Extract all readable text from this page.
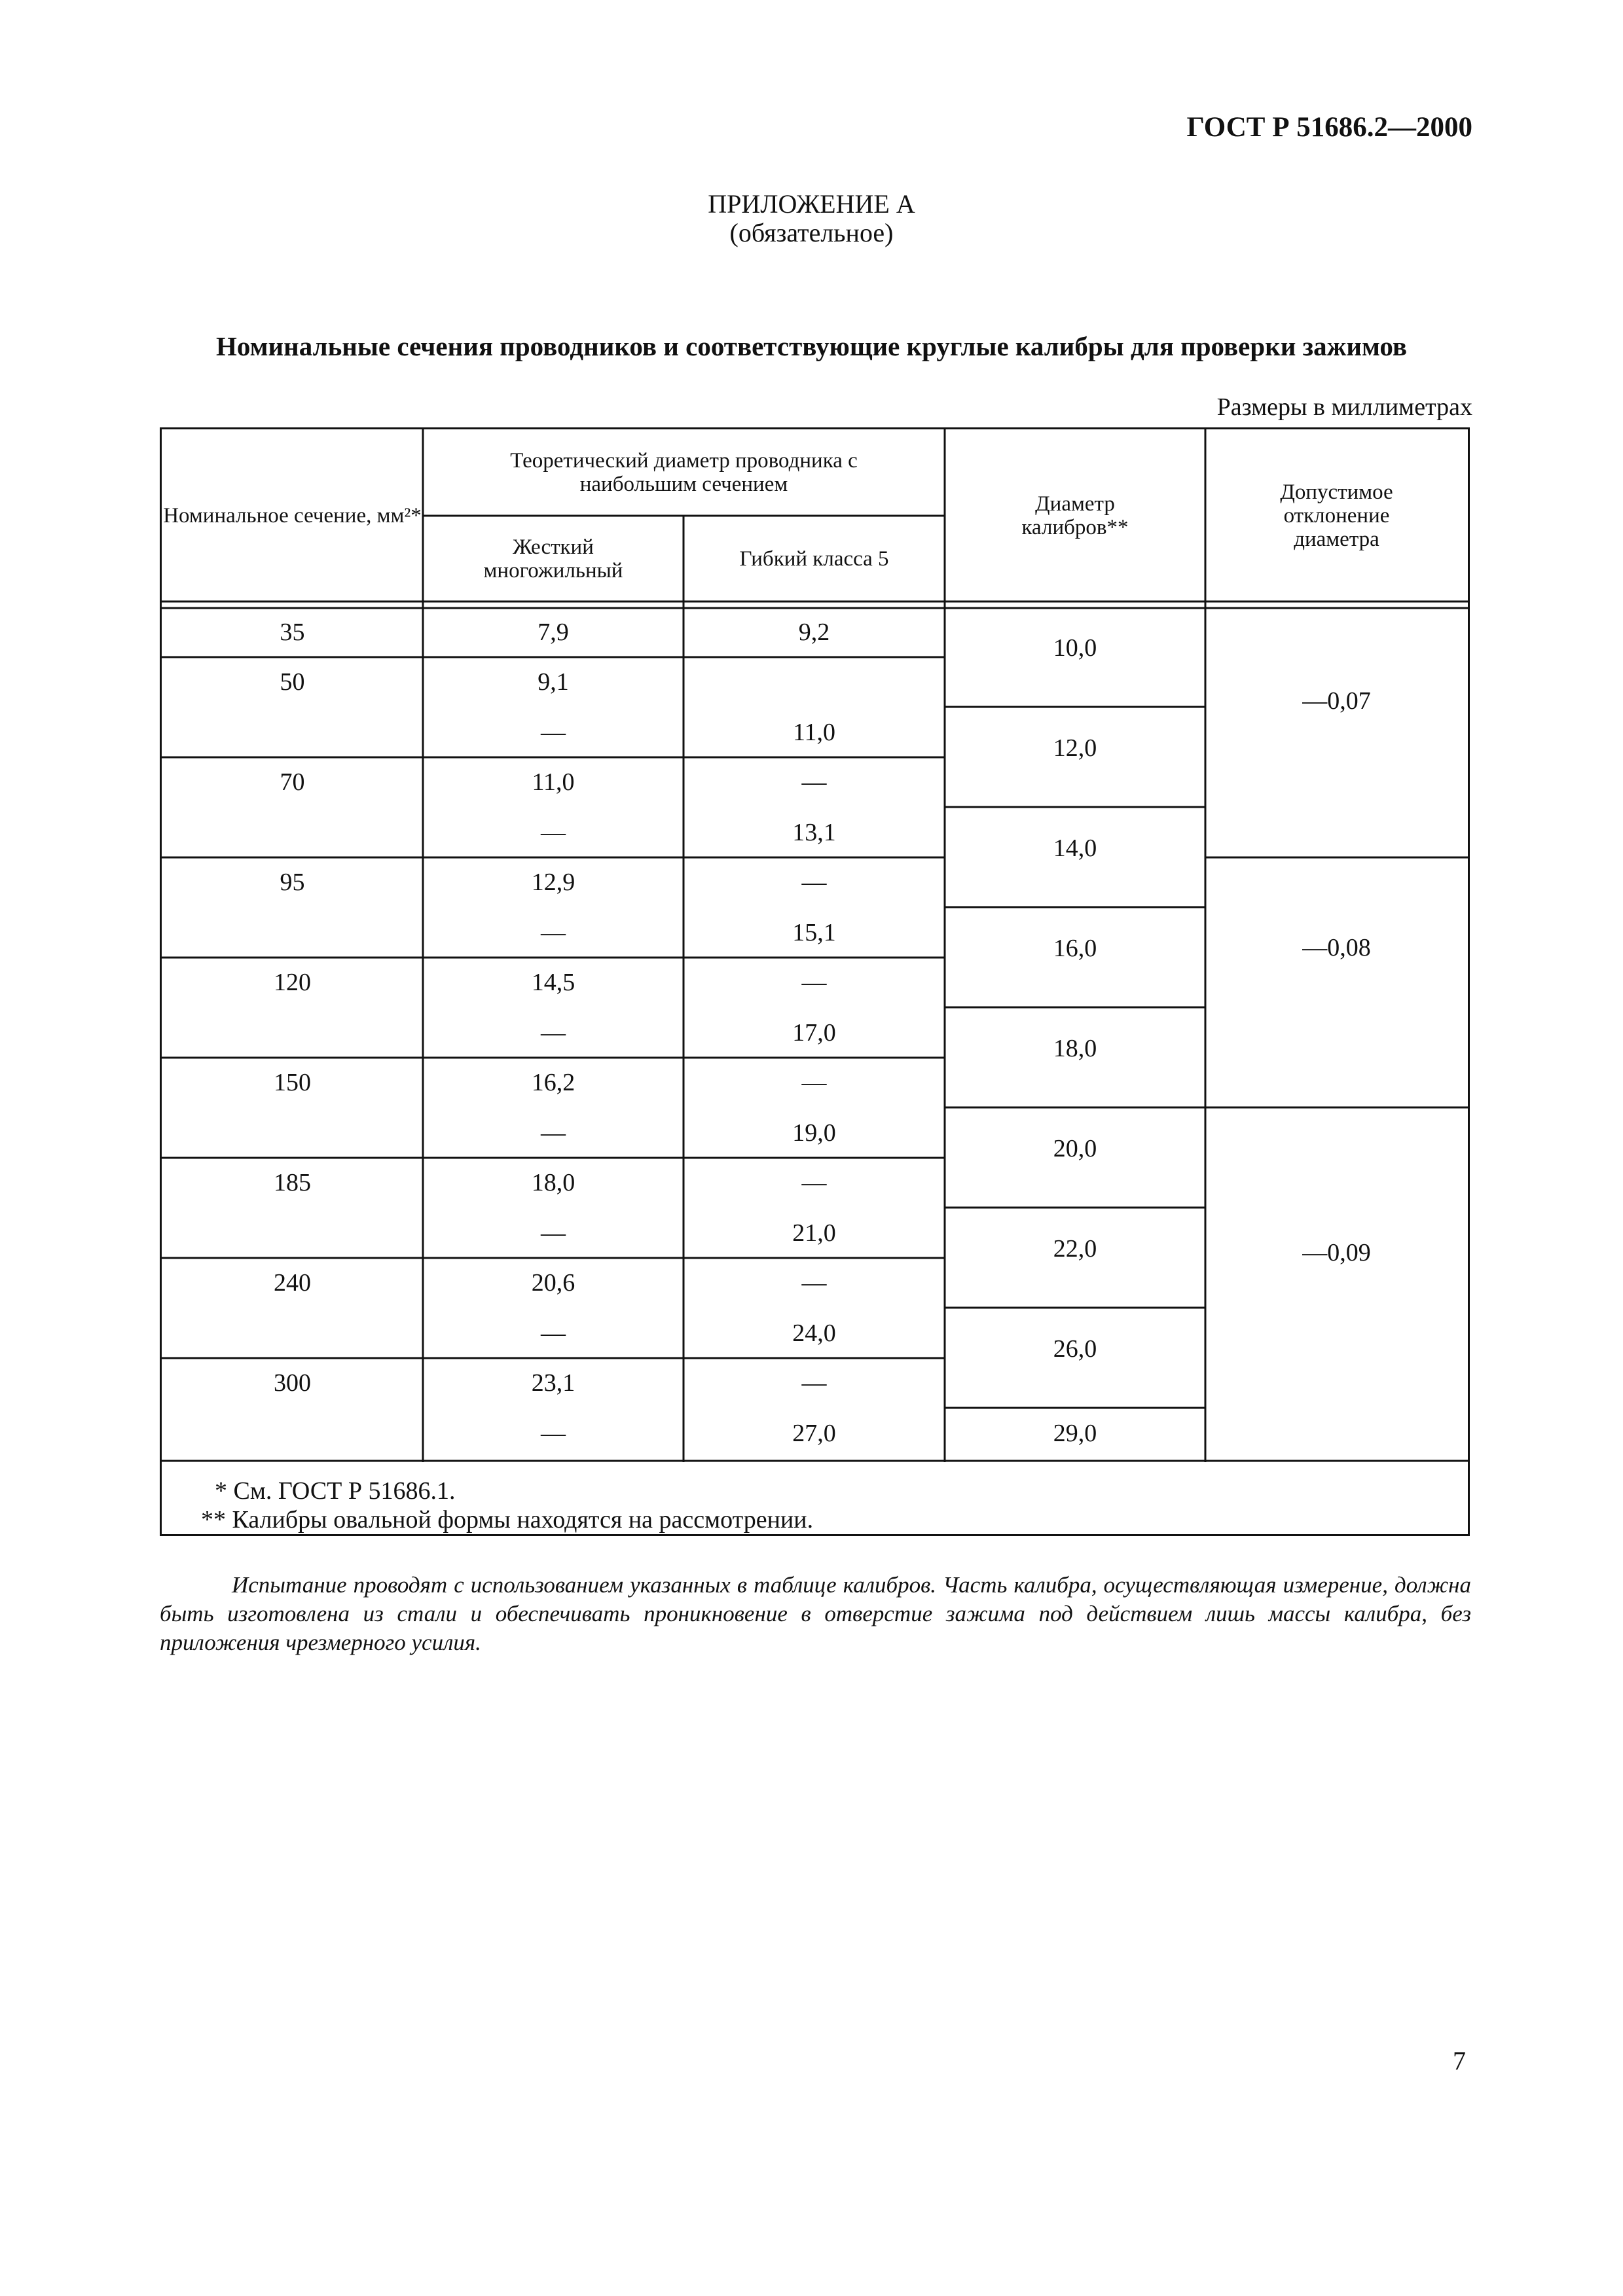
ГОСТ Р 51686.2—2000
ПРИЛОЖЕНИЕ А
(обязательное)
Номинальные сечения проводников и соответствующие круглые калибры для проверки зажимов
Размеры в миллиметрах
Номинальное сечение, мм²*
Теоретический диаметр проводника с наибольшим сечением
Жесткий многожильный	Гибкий класса 5
Диаметр калибров**
Допустимое отклонение диаметра
35
50
70
95
120
150
185
240
300
7,9
9,1
—
11,0
—
12,9
—
14,5
—
16,2
—
18,0
—
20,6
—
23,1
—
9,2
11,0
—
13,1
—
15,1
—
17,0
—
19,0
—
21,0
—
24,0
—
27,0
10,0
12,0
14,0
16,0
18,0
20,0
22,0
26,0
29,0
—0,07
—0,08
—0,09
* См. ГОСТ Р 51686.1.
** Калибры овальной формы находятся на рассмотрении.
Испытание проводят с использованием указанных в таблице калибров. Часть калибра, осуществляющая измерение, должна быть изготовлена из стали и обеспечивать проникновение в отверстие зажима под действием лишь массы калибра, без приложения чрезмерного усилия.
7
